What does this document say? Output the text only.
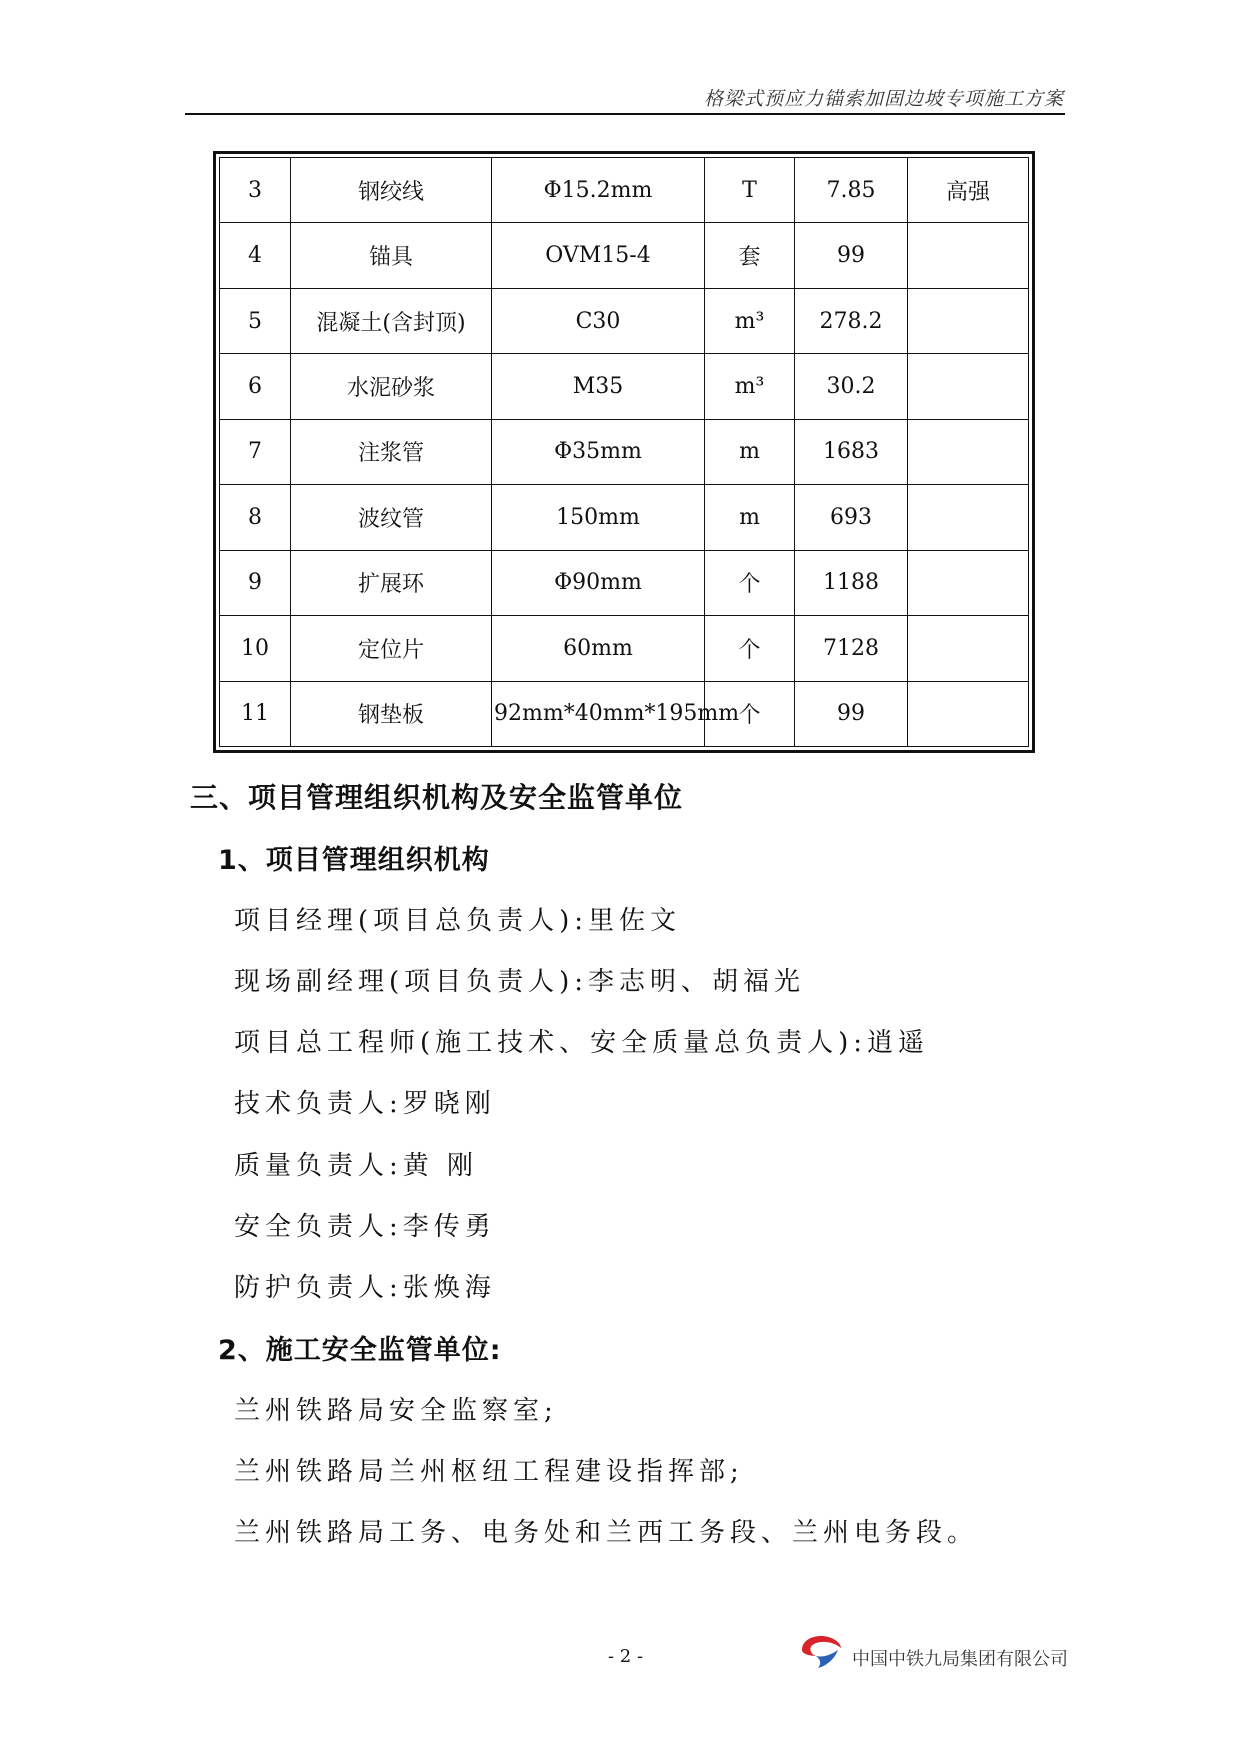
格梁式预应力锚索加固边坡专项施工方案
3	钢绞线	Φ15.2mm	T	7.85	高强
4	锚具	OVM15-4	套	99	
5	混凝土(含封顶)	C30	m³	278.2	
6	水泥砂浆	M35	m³	30.2	
7	注浆管	Φ35mm	m	1683	
8	波纹管	150mm	m	693	
9	扩展环	Φ90mm	个	1188	
10	定位片	60mm	个	7128	
11	钢垫板	92mm*40mm*195mm	个	99	
三、项目管理组织机构及安全监管单位
1、项目管理组织机构
项目经理(项目总负责人):里佐文
现场副经理(项目负责人):李志明、胡福光
项目总工程师(施工技术、安全质量总负责人):逍遥
技术负责人:罗晓刚
质量负责人:黄 刚
安全负责人:李传勇
防护负责人:张焕海
2、施工安全监管单位:
兰州铁路局安全监察室;
兰州铁路局兰州枢纽工程建设指挥部;
兰州铁路局工务、电务处和兰西工务段、兰州电务段。
- 2 -	中国中铁九局集团有限公司
